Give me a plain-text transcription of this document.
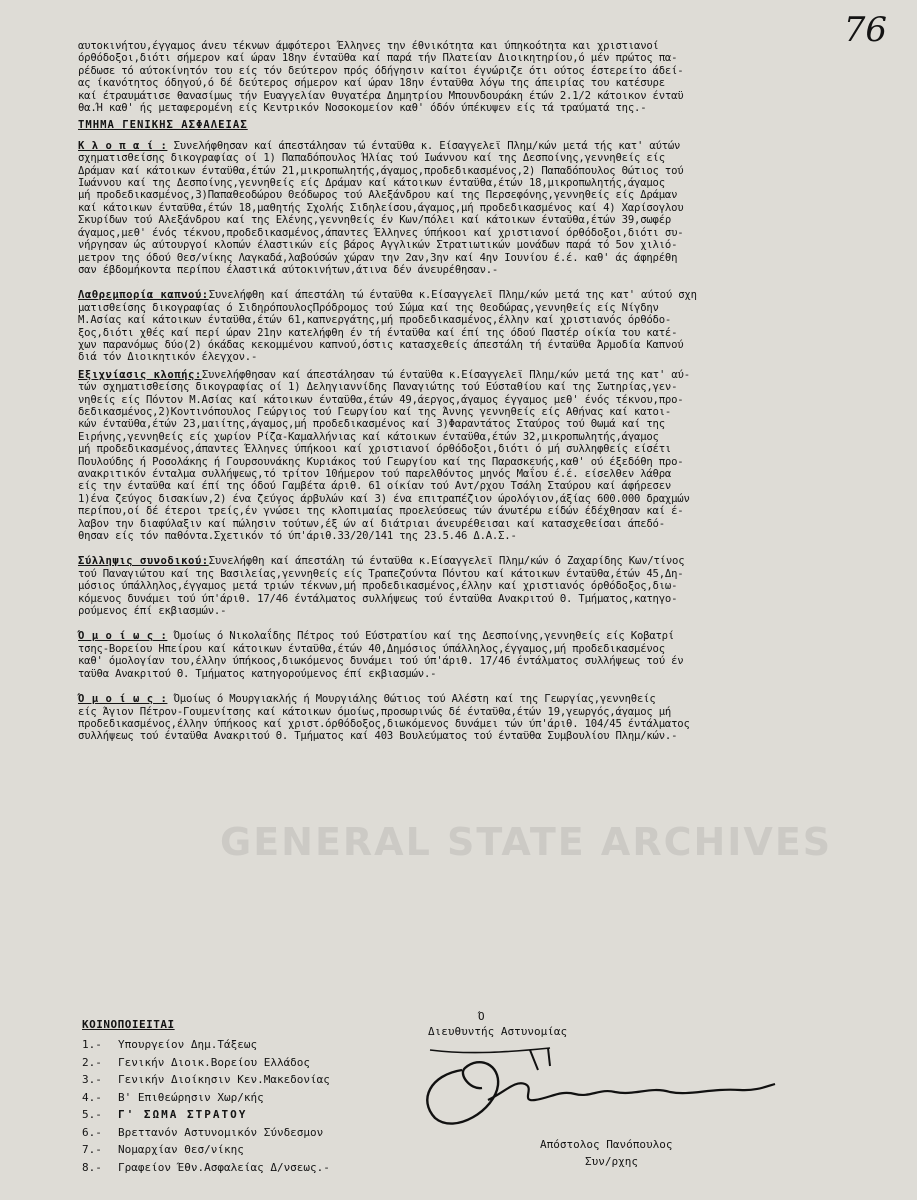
76
GENERAL STATE ARCHIVES
αυτοκινήτου,έγγαμος άνευ τέκνων άμφότεροι Έλληνες την έθνικότητα και ύπηκοότητα και χριστιανοί
όρθόδοξοι,διότι σήμερον καί ώραν 18ην ένταϋθα καί παρά τήν Πλατείαν Διοικητηρίου,ό μέν πρώτος πα-
ρέδωσε τό αύτοκίνητόν του είς τόν δεύτερον πρός όδήγησιν καίτοι έγνώριζε ότι ούτος έστερείτο άδεί-
ας ίκανότητος όδηγού,ό δέ δεύτερος σήμερον καί ώραν 18ην ένταϋθα λόγω της άπειρίας του κατέσυρε
καί έτραυμάτισε θανασίμως τήν Ευαγγελίαν θυγατέρα Δημητρίου Μπουνδουράκη έτών 2.1/2 κάτοικον ένταϋ
θα.Ή καθ' ής μεταφερομένη είς Κεντρικόν Νοσοκομείον καθ' όδόν ύπέκυψεν είς τά τραύματά της.-
ΤΜΗΜΑ ΓΕΝΙΚΗΣ ΑΣΦΑΛΕΙΑΣ
Κ λ ο π α ί : Συνελήφθησαν καί άπεστάλησαν τώ ένταϋθα κ. Είσαγγελεϊ Πλημ/κών μετά τής κατ' αύτών
σχηματισθείσης δικογραφίας οί 1) Παπαδόπουλος Ήλίας τού Ιωάννου καί της Δεσποίνης,γεννηθείς είς
Δράμαν καί κάτοικων ένταϋθα,έτών 21,μικροπωλητής,άγαμος,προδεδικασμένος,2) Παπαδόπουλος Θώτιος τού
Ιωάννου καί της Δεσποίνης,γεννηθείς είς Δράμαν καί κάτοικων ένταϋθα,έτών 18,μικροπωλητής,άγαμος
μή προδεδικασμένος,3)Παπαθεοδώρου Θεόδωρος τού Αλεξάνδρου καί της Περσεφόνης,γεννηθείς είς Δράμαν
καί κάτοικων ένταϋθα,έτών 18,μαθητής Σχολής Σιδηλείσου,άγαμος,μή προδεδικασμένος καί 4) Χαρίσογλου
Σκυρίδων τού Αλεξάνδρου καί της Ελένης,γεννηθείς έν Κων/πόλει καί κάτοικων ένταϋθα,έτών 39,σωφέρ
άγαμος,μεθ' ένός τέκνου,προδεδικασμένος,άπαντες Έλληνες ύπήκοοι καί χριστιανοί όρθόδοξοι,διότι συ-
νήργησαν ώς αύτουργοί κλοπών έλαστικών είς βάρος Αγγλικών Στρατιωτικών μονάδων παρά τό 5ον χιλιό-
μετρον της όδού Θεσ/νίκης Λαγκαδά,λαβούσών χώραν την 2αν,3ην καί 4ην Ιουνίου έ.έ. καθ' άς άφηρέθη
σαν έβδομήκοντα περίπου έλαστικά αύτοκινήτων,άτινα δέν άνευρέθησαν.-
Λαθρεμπορία καπνού:Συνελήφθη καί άπεστάλη τώ ένταϋθα κ.Είσαγγελεϊ Πλημ/κών μετά της κατ' αύτού σχη
ματισθείσης δικογραφίας ό ΣιδηρόπουλοςΠρόδρομος τού Σώμα καί της Θεοδώρας,γεννηθείς είς Νίγδην
Μ.Ασίας καί κάτοικων ένταϋθα,έτών 61,καπνεργάτης,μή προδεδικασμένος,έλλην καί χριστιανός όρθόδο-
ξος,διότι χθές καί περί ώραν 21ην κατελήφθη έν τή ένταϋθα καί έπί της όδού Παστέρ οίκία του κατέ-
χων παρανόμως δύο(2) όκάδας κεκομμένου καπνού,όστις κατασχεθείς άπεστάλη τή ένταϋθα Άρμοδία Καπνού
διά τόν Διοικητικόν έλεγχον.-
Εξιχνίασις κλοπής:Συνελήφθησαν καί άπεστάλησαν τώ ένταϋθα κ.Είσαγγελεϊ Πλημ/κών μετά της κατ' αύ-
τών σχηματισθείσης δικογραφίας οί 1) Δεληγιαννίδης Παναγιώτης τού Εύσταθίου καί της Σωτηρίας,γεν-
νηθείς είς Πόντον Μ.Ασίας καί κάτοικων ένταϋθα,έτών 49,άεργος,άγαμος έγγαμος μεθ' ένός τέκνου,προ-
δεδικασμένος,2)Κοντινόπουλος Γεώργιος τού Γεωργίου καί της Άννης γεννηθείς είς Αθήνας καί κατοι-
κών ένταϋθα,έτών 23,μαιίτης,άγαμος,μή προδεδικασμένος καί 3)Φαραντάτος Σταύρος τού Θωμά καί της
Ειρήνης,γεννηθείς είς χωρίον Ρίζα-Καμαλλήνιας καί κάτοικων ένταϋθα,έτών 32,μικροπωλητής,άγαμος
μή προδεδικασμένος,άπαντες Έλληνες ύπήκοοι καί χριστιανοί όρθόδοξοι,διότι ό μή συλληφθείς είσέτι
Πουλούδης ή Ροσολάκης ή Γουρσουνάκης Κυριάκος τού Γεωργίου καί της Παρασκευής,καθ' ού έξεδόθη προ-
ανακριτικόν ένταλμα συλλήψεως,τό τρίτον 10ήμερον τού παρελθόντος μηνός Μαΐου έ.έ. είσελθεν λάθρα
είς την ένταϋθα καί έπί της όδού Γαμβέτα άριθ. 61 οίκίαν τού Αντ/ρχου Τσάλη Σταύρου καί άφήρεσεν
1)ένα ζεύγος δισακίων,2) ένα ζεύγος άρβυλών καί 3) ένα επιτραπέζιον ώρολόγιον,άξίας 600.000 δραχμών
περίπου,οί δέ έτεροι τρείς,έν γνώσει της κλοπιμαίας προελεύσεως τών άνωτέρω είδών έδέχθησαν καί έ-
λαβον την διαφύλαξιν καί πώλησιν τούτων,έξ ών αί διάτριαι άνευρέθεισαι καί κατασχεθείσαι άπεδό-
θησαν είς τόν παθόντα.Σχετικόν τό ύπ'άριθ.33/20/141 της 23.5.46 Δ.Α.Σ.-
Σύλληψις συνοδικού:Συνελήφθη καί άπεστάλη τώ ένταϋθα κ.Είσαγγελεϊ Πλημ/κών ό Ζαχαρίδης Κων/τίνος
τού Παναγιώτου καί της Βασιλείας,γεννηθείς είς Τραπεζούντα Πόντου καί κάτοικων ένταϋθα,έτών 45,Δη-
μόσιος ύπάλληλος,έγγαμος μετά τριών τέκνων,μή προδεδικασμένος,έλλην καί χριστιανός όρθόδοξος,διω-
κόμενος δυνάμει τού ύπ'άριθ. 17/46 έντάλματος συλλήψεως τού ένταϋθα Ανακριτού Θ. Τμήματος,κατηγο-
ρούμενος έπί εκβιασμών.-
Ό μ ο ί ω ς : Όμοίως ό Νικολαΐδης Πέτρος τού Εύστρατίου καί της Δεσποίνης,γεννηθείς είς Κοβατρί
τσης-Βορείου Ηπείρου καί κάτοικων ένταϋθα,έτών 40,Δημόσιος ύπάλληλος,έγγαμος,μή προδεδικασμένος
καθ' όμολογίαν του,έλλην ύπήκοος,διωκόμενος δυνάμει τού ύπ'άριθ. 17/46 έντάλματος συλλήψεως τού έν
ταϋθα Ανακριτού Θ. Τμήματος κατηγορούμενος έπί εκβιασμών.-
Ό μ ο ί ω ς : Όμοίως ό Μουργιακλής ή Μουργιάλης Θώτιος τού Αλέστη καί της Γεωργίας,γεννηθείς
είς Άγιον Πέτρον-Γουμενίτσης καί κάτοικων όμοίως,προσωρινώς δέ ένταϋθα,έτών 19,γεωργός,άγαμος μή
προδεδικασμένος,έλλην ύπήκοος καί χριστ.όρθόδοξος,διωκόμενος δυνάμει τών ύπ'άριθ. 104/45 έντάλματος
συλλήψεως τού ένταϋθα Ανακριτού Θ. Τμήματος καί 403 Βουλεύματος τού ένταϋθα Συμβουλίου Πλημ/κών.-
ΚΟΙΝΟΠΟΙΕΙΤΑΙ
1.- Υπουργείον Δημ.Τάξεως
2.- Γενικήν Διοικ.Βορείου Ελλάδος
3.- Γενικήν Διοίκησιν Κεν.Μακεδονίας
4.- Β' Επιθεώρησιν Χωρ/κής
5.- Γ' ΣΩΜΑ ΣΤΡΑΤΟΥ
6.- Βρεττανόν Αστυνομικόν Σύνδεσμον
7.- Νομαρχίαν Θεσ/νίκης
8.- Γραφείον Έθν.Ασφαλείας Δ/νσεως.-
Ό
Διευθυντής Αστυνομίας
Απόστολος Πανόπουλος
Συν/ρχης
